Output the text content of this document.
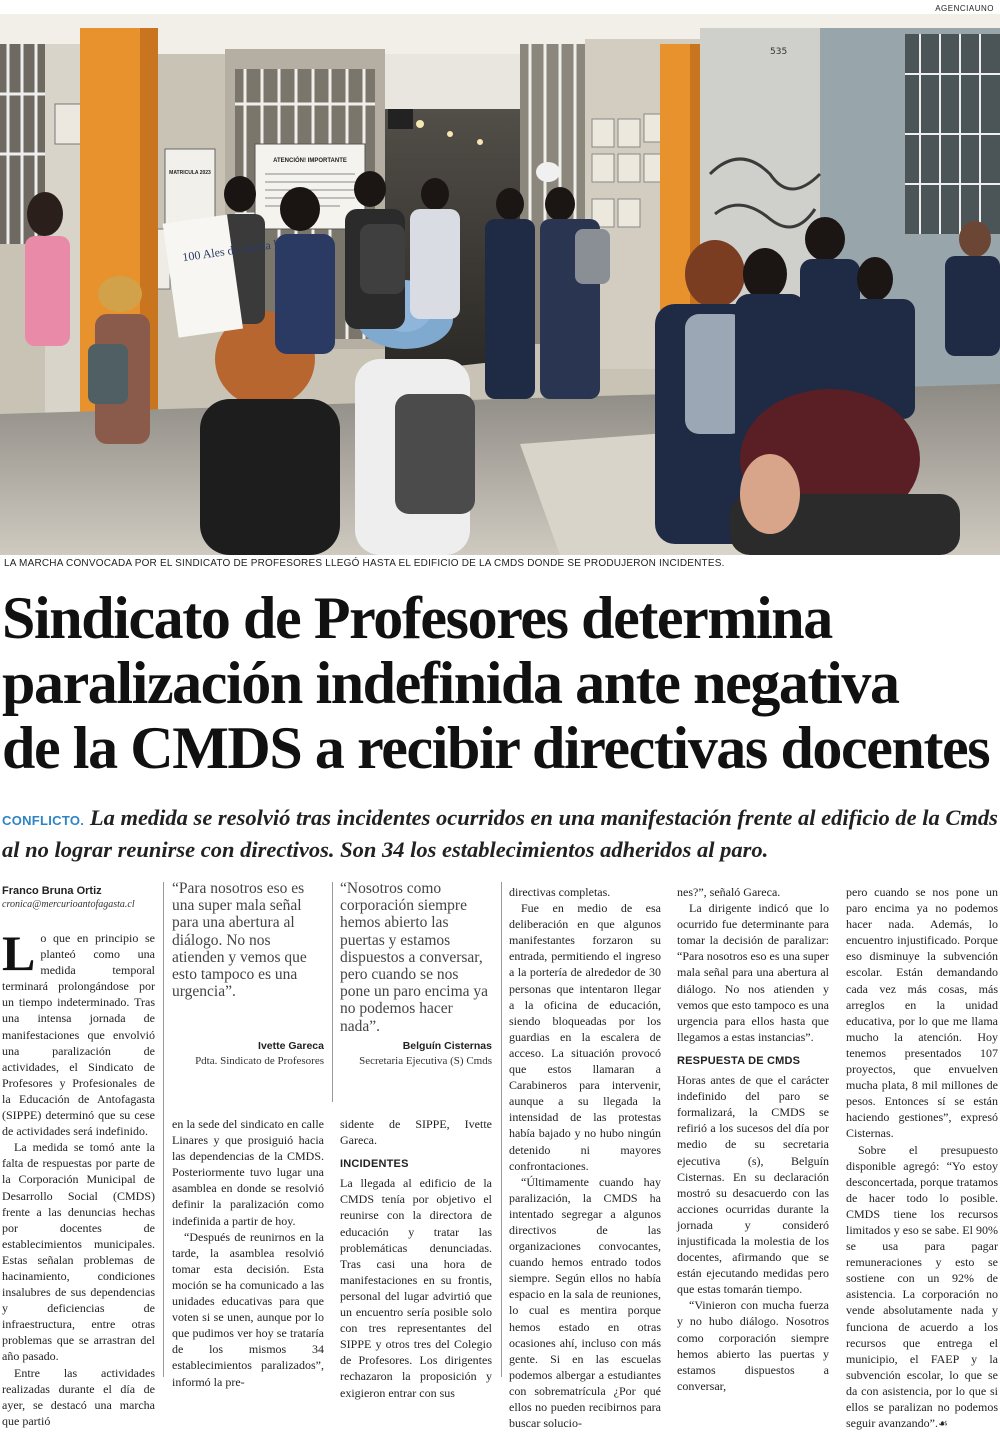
AGENCIAUNO
ATENCIÓN! IMPORTANTE
MATRICULA 2023
535
100 Ales de media la
LA MARCHA CONVOCADA POR EL SINDICATO DE PROFESORES LLEGÓ HASTA EL EDIFICIO DE LA CMDS DONDE SE PRODUJERON INCIDENTES.
Sindicato de Profesores determina
paralización indefinida ante negativa
de la CMDS a recibir directivas docentes
CONFLICTO. La medida se resolvió tras incidentes ocurridos en una manifestación frente al edificio de la Cmds al no lograr reunirse con directivos. Son 34 los establecimientos adheridos al paro.
Franco Bruna Ortiz
cronica@mercurioantofagasta.cl

Lo que en principio se planteó como una medida temporal terminará prolongándose por un tiempo indeterminado. Tras una intensa jornada de manifestaciones que envolvió una paralización de actividades, el Sindicato de Profesores y Profesionales de la Educación de Antofagasta (SIPPE) determinó que su cese de actividades será indefinido.

La medida se tomó ante la falta de respuestas por parte de la Corporación Municipal de Desarrollo Social (CMDS) frente a las denuncias hechas por docentes de establecimientos municipales. Estas señalan problemas de hacinamiento, condiciones insalubres de sus dependencias y deficiencias de infraestructura, entre otras problemas que se arrastran del año pasado.

Entre las actividades realizadas durante el día de ayer, se destacó una marcha que partió

“Para nosotros eso es una super mala señal para una abertura al diálogo. No nos atienden y vemos que esto tampoco es una urgencia”.
Ivette Gareca
Pdta. Sindicato de Profesores
“Nosotros como corporación siempre hemos abierto las puertas y estamos dispuestos a conversar, pero cuando se nos pone un paro encima ya no podemos hacer nada”.
Belguín Cisternas
Secretaria Ejecutiva (S) Cmds

en la sede del sindicato en calle Linares y que prosiguió hacia las dependencias de la CMDS. Posteriormente tuvo lugar una asamblea en donde se resolvió definir la paralización como indefinida a partir de hoy.

“Después de reunirnos en la tarde, la asamblea resolvió tomar esta decisión. Esta moción se ha comunicado a las unidades educativas para que voten si se unen, aunque por lo que pudimos ver hoy se trataría de los mismos 34 establecimientos paralizados”, informó la pre-

sidente de SIPPE, Ivette Gareca.

INCIDENTES

La llegada al edificio de la CMDS tenía por objetivo el reunirse con la directora de educación y tratar las problemáticas denunciadas. Tras casi una hora de manifestaciones en su frontis, personal del lugar advirtió que un encuentro sería posible solo con tres representantes del SIPPE y otros tres del Colegio de Profesores. Los dirigentes rechazaron la proposición y exigieron entrar con sus

directivas completas.

Fue en medio de esa deliberación en que algunos manifestantes forzaron su entrada, permitiendo el ingreso a la portería de alrededor de 30 personas que intentaron llegar a la oficina de educación, siendo bloqueadas por los guardias en la escalera de acceso. La situación provocó que estos llamaran a Carabineros para intervenir, aunque a su llegada la intensidad de las protestas había bajado y no hubo ningún detenido ni mayores confrontaciones.

“Últimamente cuando hay paralización, la CMDS ha intentado segregar a algunos directivos de las organizaciones convocantes, cuando hemos entrado todos siempre. Según ellos no había espacio en la sala de reuniones, lo cual es mentira porque hemos estado en otras ocasiones ahí, incluso con más gente. Si en las escuelas podemos albergar a estudiantes con sobrematrícula ¿Por qué ellos no pueden recibirnos para buscar solucio-

nes?”, señaló Gareca.

La dirigente indicó que lo ocurrido fue determinante para tomar la decisión de paralizar: “Para nosotros eso es una super mala señal para una abertura al diálogo. No nos atienden y vemos que esto tampoco es una urgencia para ellos hasta que llegamos a estas instancias”.

RESPUESTA DE CMDS

Horas antes de que el carácter indefinido del paro se formalizará, la CMDS se refirió a los sucesos del día por medio de su secretaria ejecutiva (s), Belguín Cisternas. En su declaración mostró su desacuerdo con las acciones ocurridas durante la jornada y consideró injustificada la molestia de los docentes, afirmando que se están ejecutando medidas pero que estas tomarán tiempo.

“Vinieron con mucha fuerza y no hubo diálogo. Nosotros como corporación siempre hemos abierto las puertas y estamos dispuestos a conversar,

pero cuando se nos pone un paro encima ya no podemos hacer nada. Además, lo encuentro injustificado. Porque eso disminuye la subvención escolar. Están demandando cada vez más cosas, más arreglos en la unidad educativa, por lo que me llama mucho la atención. Hoy tenemos presentados 107 proyectos, que envuelven mucha plata, 8 mil millones de pesos. Entonces sí se están haciendo gestiones”, expresó Cisternas.

Sobre el presupuesto disponible agregó: “Yo estoy desconcertada, porque tratamos de hacer todo lo posible. CMDS tiene los recursos limitados y eso se sabe. El 90% se usa para pagar remuneraciones y esto se sostiene con un 92% de asistencia. La corporación no vende absolutamente nada y funciona de acuerdo a los recursos que entrega el municipio, el FAEP y la subvención escolar, lo que se da con asistencia, por lo que si ellos se paralizan no podemos seguir avanzando”.☙
